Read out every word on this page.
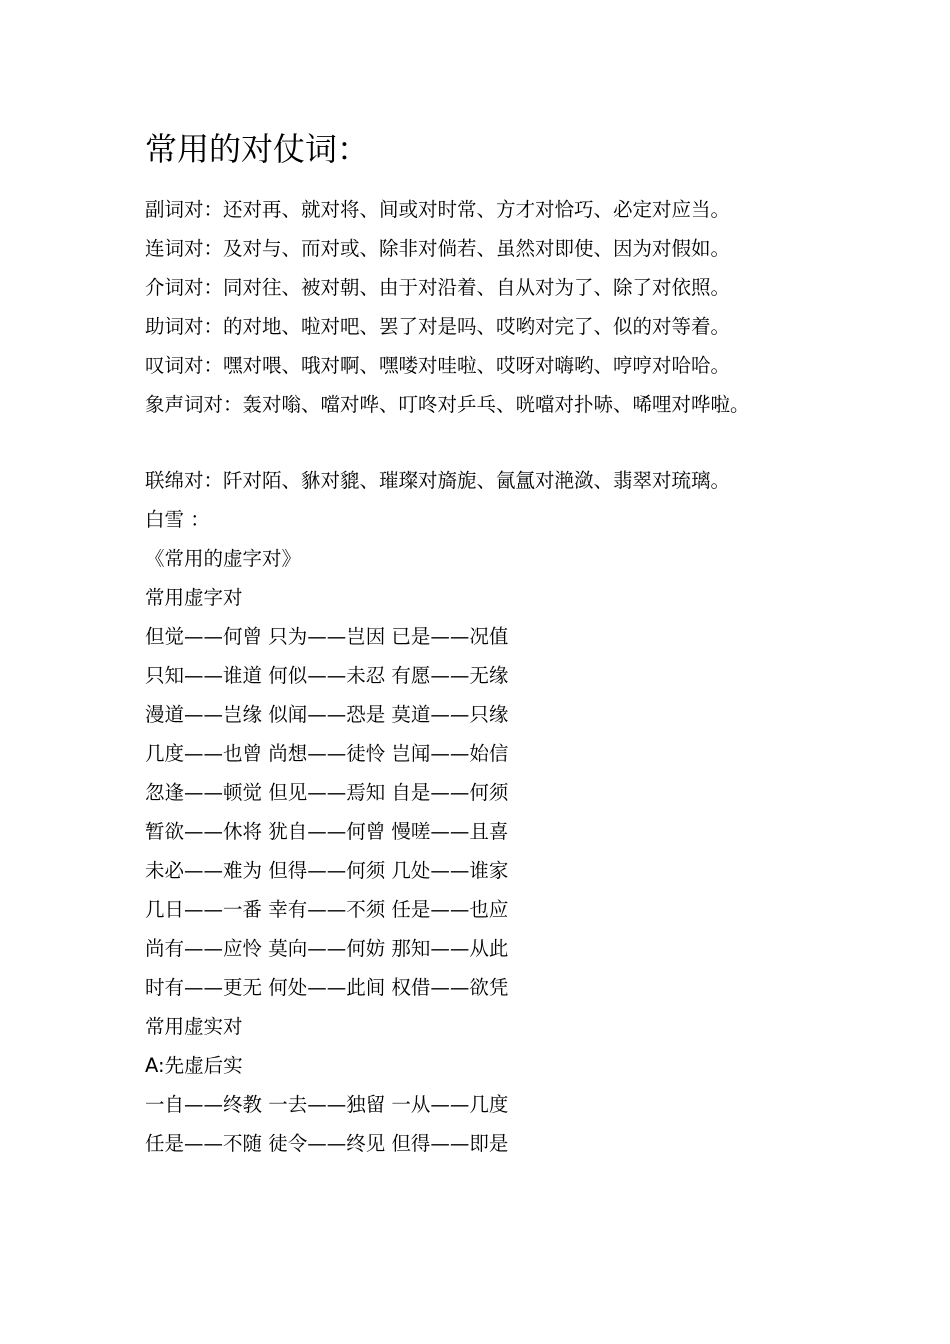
常用的对仗词：
副词对：还对再、就对将、间或对时常、方才对恰巧、必定对应当。
连词对：及对与、而对或、除非对倘若、虽然对即使、因为对假如。
介词对：同对往、被对朝、由于对沿着、自从对为了、除了对依照。
助词对：的对地、啦对吧、罢了对是吗、哎哟对完了、似的对等着。
叹词对：嘿对喂、哦对啊、嘿喽对哇啦、哎呀对嗨哟、哼哼对哈哈。
象声词对：轰对嗡、噹对哗、叮咚对乒乓、咣噹对扑哧、唏哩对哗啦。
联绵对：阡对陌、貅对貔、璀璨对旖旎、氤氲对滟潋、翡翠对琉璃。
白雪 ：
《常用的虚字对》
常用虚字对
但觉——何曾 只为——岂因 已是——况值
只知——谁道 何似——未忍 有愿——无缘
漫道——岂缘 似闻——恐是 莫道——只缘
几度——也曾 尚想——徒怜 岂闻——始信
忽逢——顿觉 但见——焉知 自是——何须
暂欲——休将 犹自——何曾 慢嗟——且喜
未必——难为 但得——何须 几处——谁家
几日——一番 幸有——不须 任是——也应
尚有——应怜 莫向——何妨 那知——从此
时有——更无 何处——此间 权借——欲凭
常用虚实对
A:先虚后实
一自——终教 一去——独留 一从——几度
任是——不随 徒令——终见 但得——即是
